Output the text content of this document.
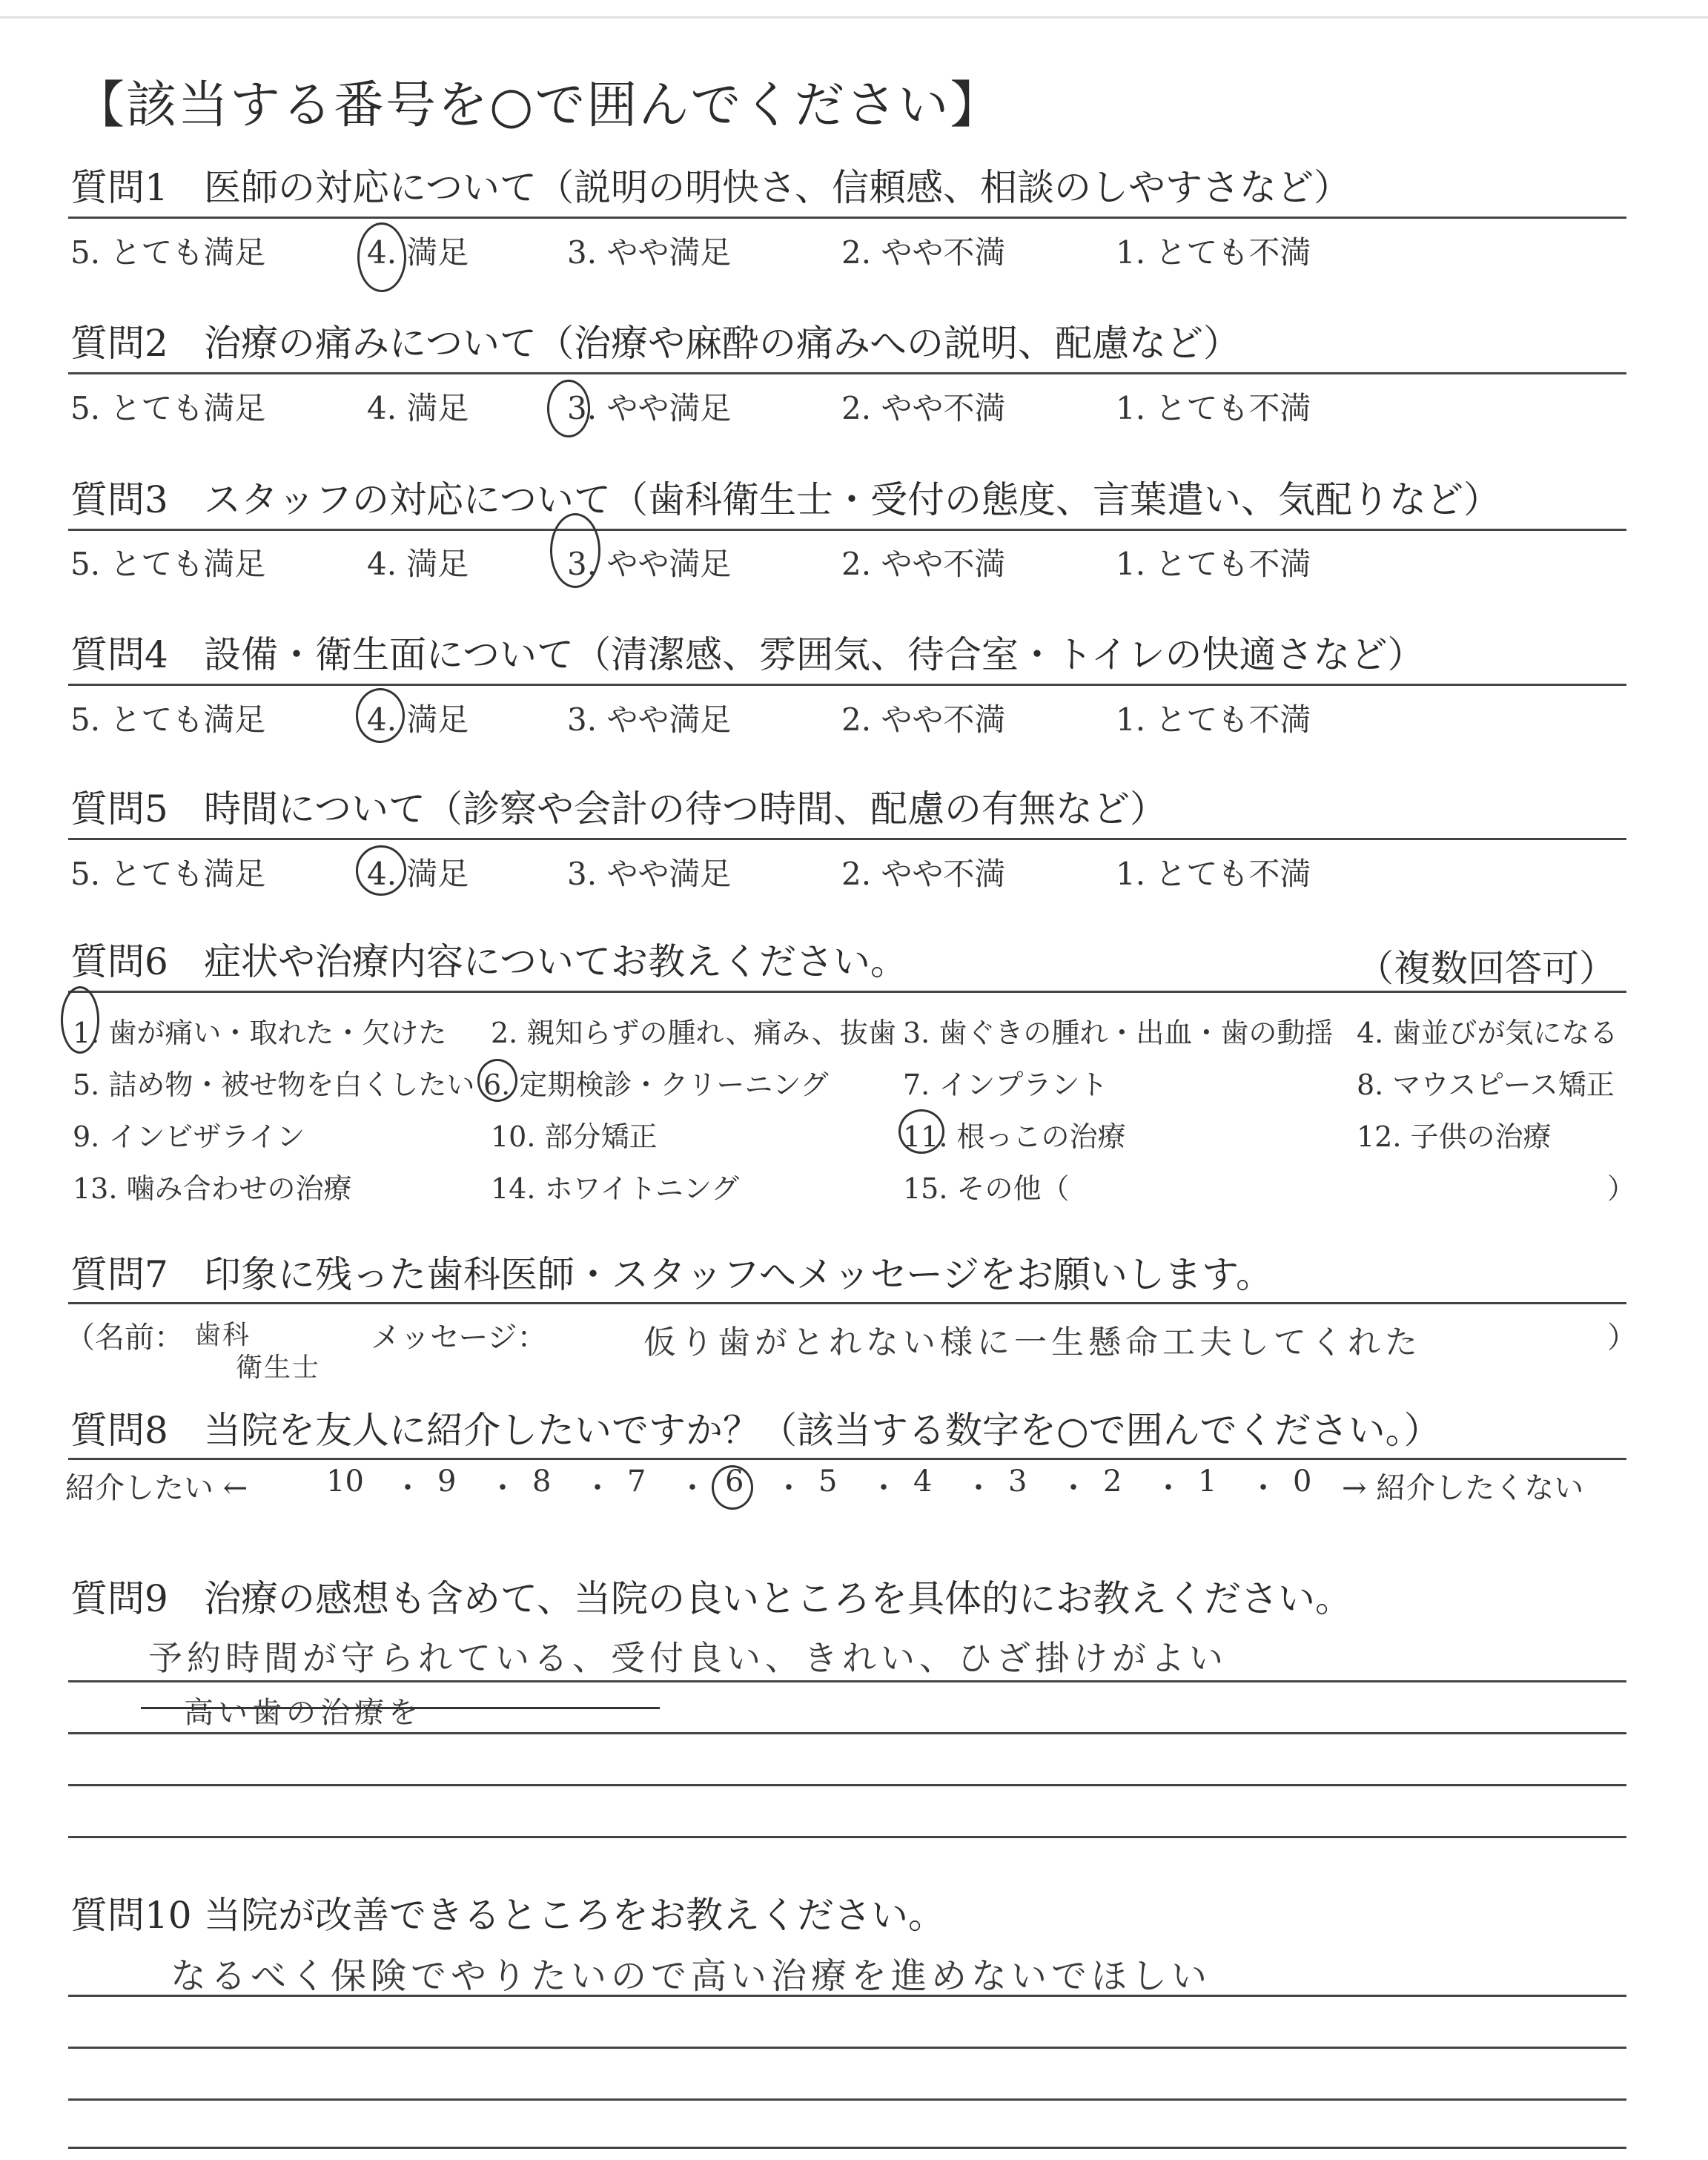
【該当する番号を○で囲んでください】
質問1 医師の対応について（説明の明快さ、信頼感、相談のしやすさなど）
5. とても満足	4. 満足	3. やや満足	2. やや不満	1. とても不満
質問2 治療の痛みについて（治療や麻酔の痛みへの説明、配慮など）
5. とても満足	4. 満足	3. やや満足	2. やや不満	1. とても不満
質問3 スタッフの対応について（歯科衛生士・受付の態度、言葉遣い、気配りなど）
5. とても満足	4. 満足	3. やや満足	2. やや不満	1. とても不満
質問4 設備・衛生面について（清潔感、雰囲気、待合室・トイレの快適さなど）
5. とても満足	4. 満足	3. やや満足	2. やや不満	1. とても不満
質問5 時間について（診察や会計の待つ時間、配慮の有無など）
5. とても満足	4. 満足	3. やや満足	2. やや不満	1. とても不満
質問6 症状や治療内容についてお教えください。	（複数回答可）
1. 歯が痛い・取れた・欠けた 2. 親知らずの腫れ、痛み、抜歯 3. 歯ぐきの腫れ・出血・歯の動揺 4. 歯並びが気になる
5. 詰め物・被せ物を白くしたい 6. 定期検診・クリーニング	7. インプラント	8. マウスピース矯正
9. インビザライン	10. 部分矯正	11. 根っこの治療	12. 子供の治療
13. 噛み合わせの治療	14. ホワイトニング	15. その他（	）
質問7 印象に残った歯科医師・スタッフへメッセージをお願いします。
（名前： 歯科
衛生士
メッセージ：	仮り歯がとれない様に一生懸命工夫してくれた	）
質問8 当院を友人に紹介したいですか？（該当する数字を○で囲んでください。）
紹介したい ←	10 ・ 9 ・ 8 ・ 7 ・ 6 ・ 5 ・ 4 ・ 3 ・ 2 ・ 1 ・ 0 → 紹介したくない
質問9 治療の感想も含めて、当院の良いところを具体的にお教えください。
予約時間が守られている、受付良い、きれい、ひざ掛けがよい
高い歯の治療を
質問10 当院が改善できるところをお教えください。
なるべく保険でやりたいので高い治療を進めないでほしい
